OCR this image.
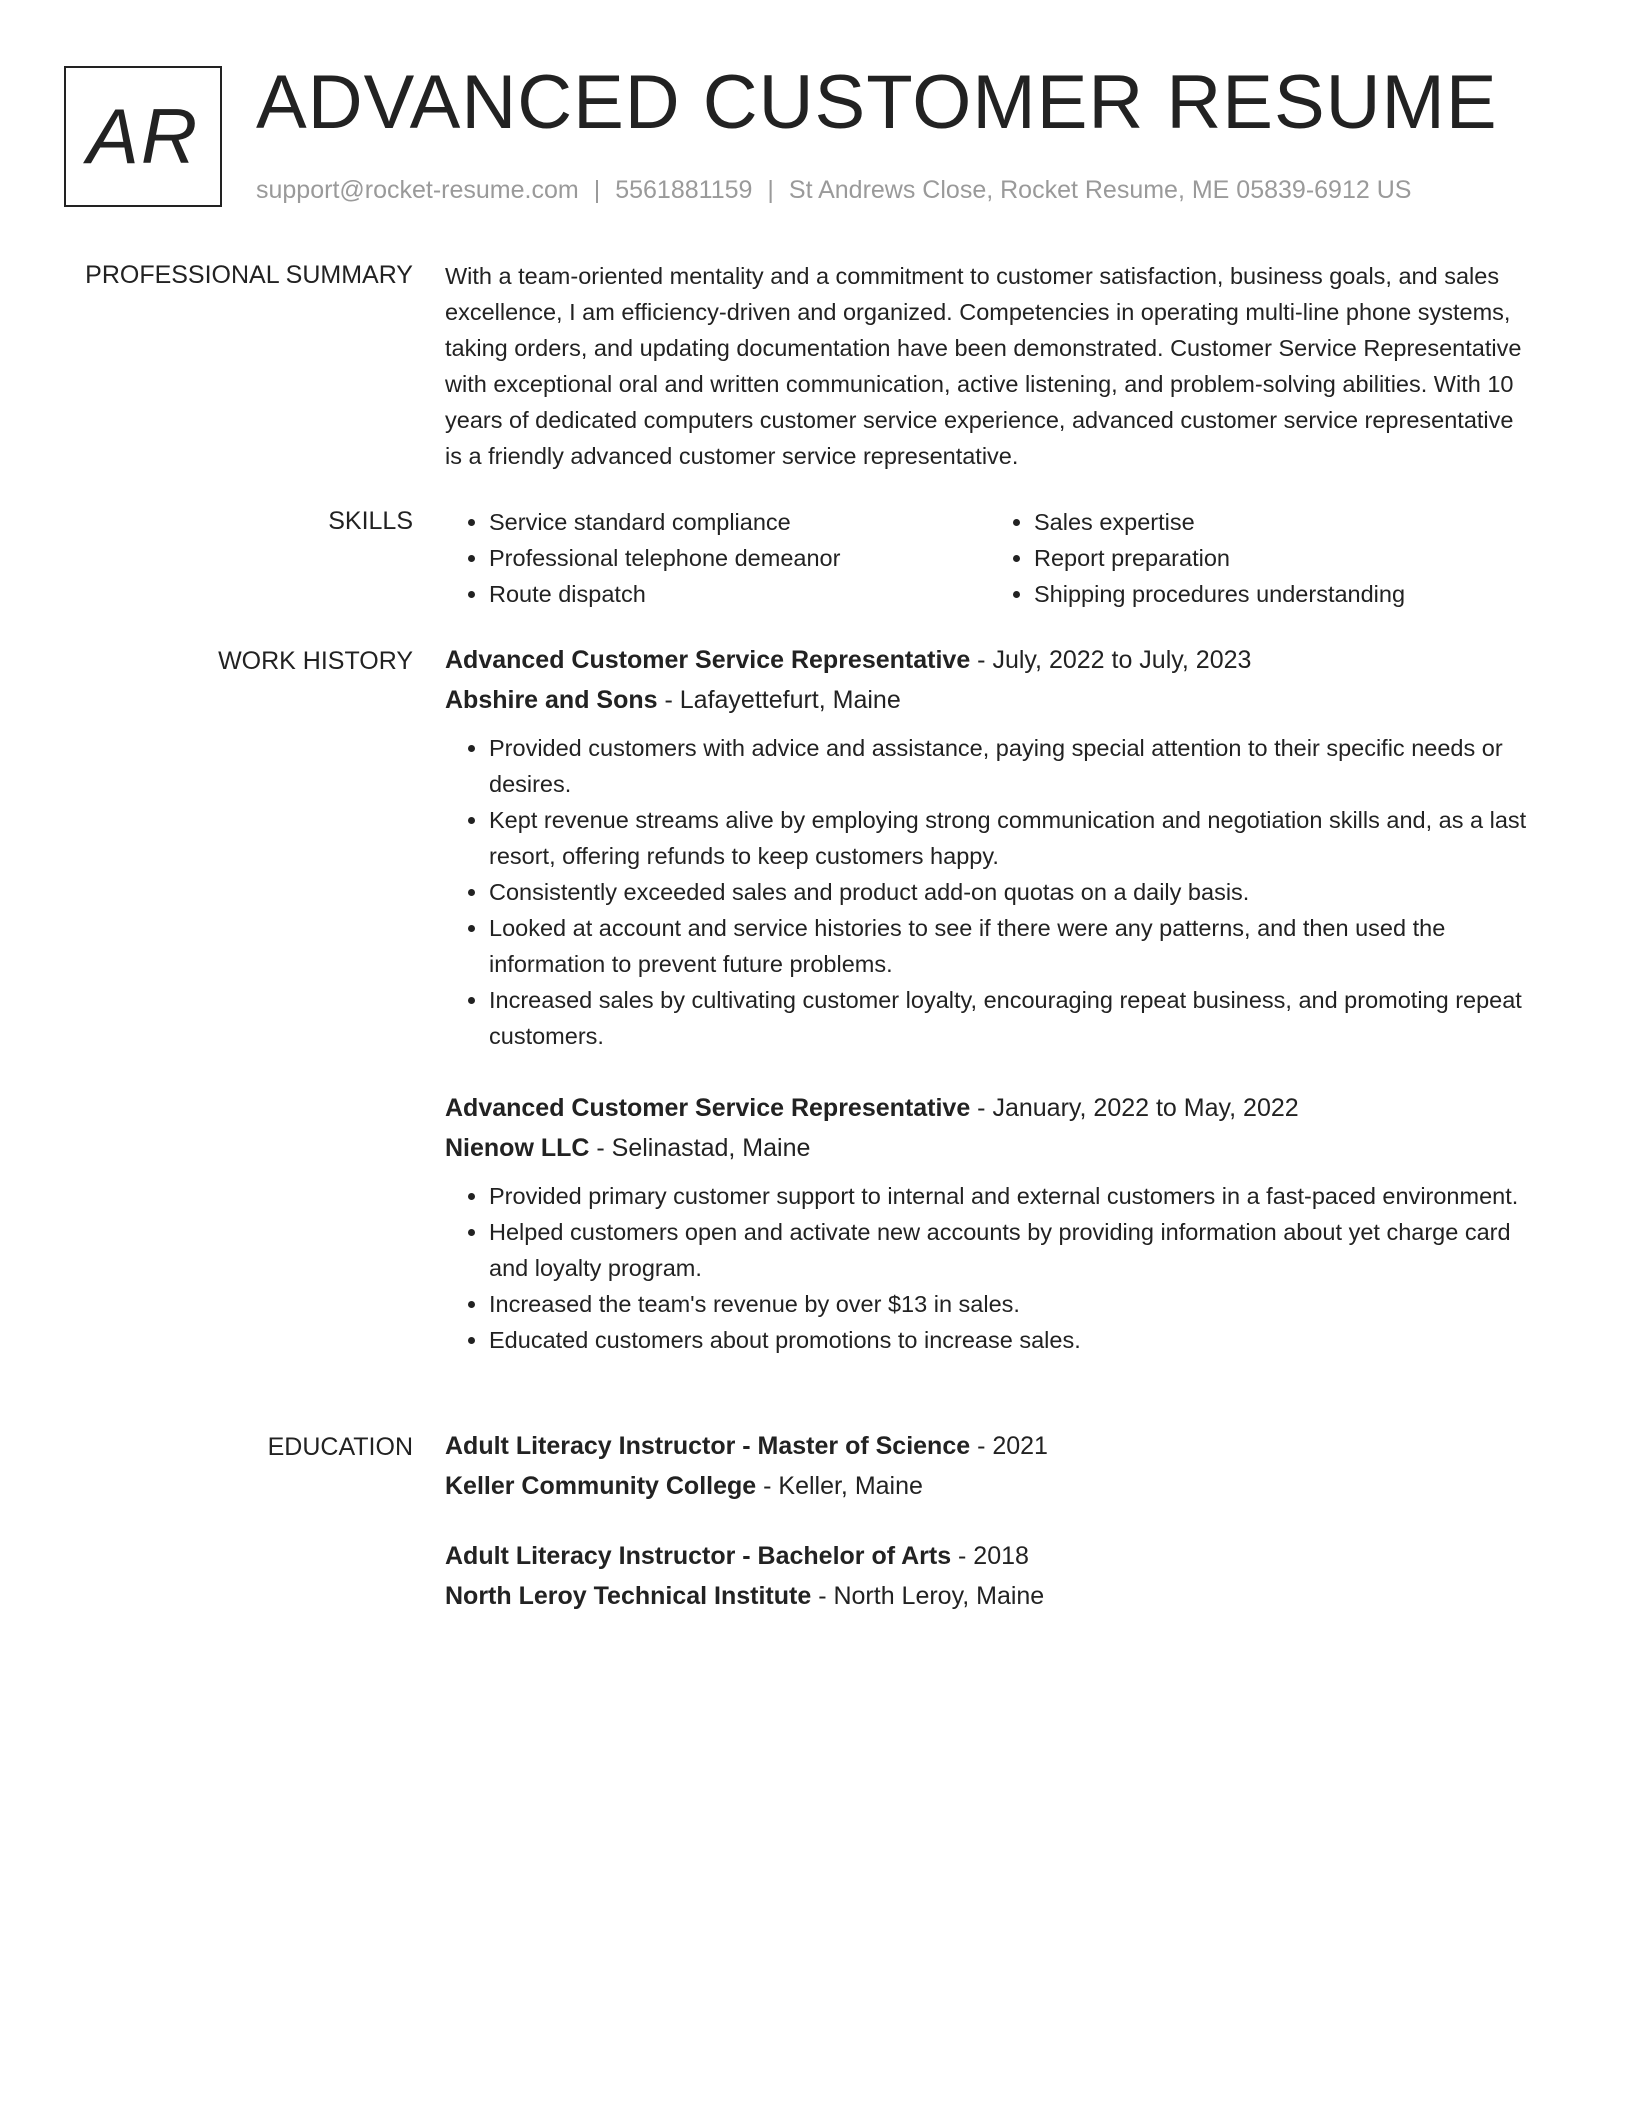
AR ADVANCED CUSTOMER RESUME
support@rocket-resume.com | 5561881159 | St Andrews Close, Rocket Resume, ME 05839-6912 US
PROFESSIONAL SUMMARY With a team-oriented mentality and a commitment to customer satisfaction, business goals, and sales excellence, I am efficiency-driven and organized. Competencies in operating multi-line phone systems, taking orders, and updating documentation have been demonstrated. Customer Service Representative with exceptional oral and written communication, active listening, and problem-solving abilities. With 10 years of dedicated computers customer service experience, advanced customer service representative is a friendly advanced customer service representative.

SKILLS
•	Service standard compliance
• Professional telephone demeanor
• Route dispatch
• Sales expertise
• Report preparation
• Shipping procedures understanding
WORK HISTORY Advanced Customer Service Representative - July, 2022 to July, 2023
Abshire and Sons - Lafayettefurt, Maine
• Provided customers with advice and assistance, paying special attention to their specific needs or desires.
• Kept revenue streams alive by employing strong communication and negotiation skills and, as a last resort, offering refunds to keep customers happy.
• Consistently exceeded sales and product add-on quotas on a daily basis.
• Looked at account and service histories to see if there were any patterns, and then used the information to prevent future problems.
• Increased sales by cultivating customer loyalty, encouraging repeat business, and promoting repeat customers.
Advanced Customer Service Representative - January, 2022 to May, 2022
Nienow LLC - Selinastad, Maine
• Provided primary customer support to internal and external customers in a fast-paced environment.
• Helped customers open and activate new accounts by providing information about yet charge card and loyalty program.
• Increased the team's revenue by over $13 in sales.
• Educated customers about promotions to increase sales.
EDUCATION Adult Literacy Instructor - Master of Science - 2021
Keller Community College - Keller, Maine
Adult Literacy Instructor - Bachelor of Arts - 2018
North Leroy Technical Institute - North Leroy, Maine
